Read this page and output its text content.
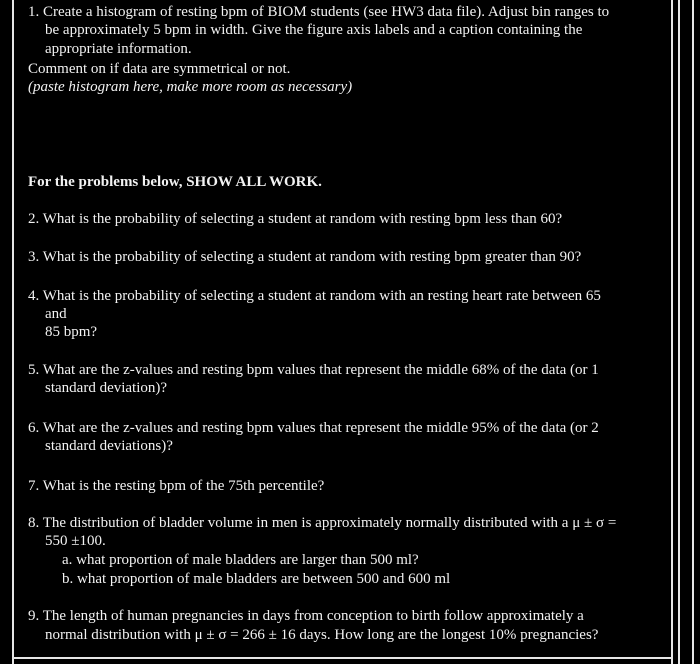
1. Create a histogram of resting bpm of BIOM students (see HW3 data file). Adjust bin ranges to
be approximately 5 bpm in width. Give the figure axis labels and a caption containing the
appropriate information.
Comment on if data are symmetrical or not.
(paste histogram here, make more room as necessary)
For the problems below, SHOW ALL WORK.
2. What is the probability of selecting a student at random with resting bpm less than 60?
3. What is the probability of selecting a student at random with resting bpm greater than 90?
4. What is the probability of selecting a student at random with an resting heart rate between 65
and
85 bpm?
5. What are the z-values and resting bpm values that represent the middle 68% of the data (or 1
standard deviation)?
6. What are the z-values and resting bpm values that represent the middle 95% of the data (or 2
standard deviations)?
7. What is the resting bpm of the 75th percentile?
8. The distribution of bladder volume in men is approximately normally distributed with a μ ± σ =
550 ±100.
a. what proportion of male bladders are larger than 500 ml?
b. what proportion of male bladders are between 500 and 600 ml
9. The length of human pregnancies in days from conception to birth follow approximately a
normal distribution with μ ± σ = 266 ± 16 days. How long are the longest 10% pregnancies?
